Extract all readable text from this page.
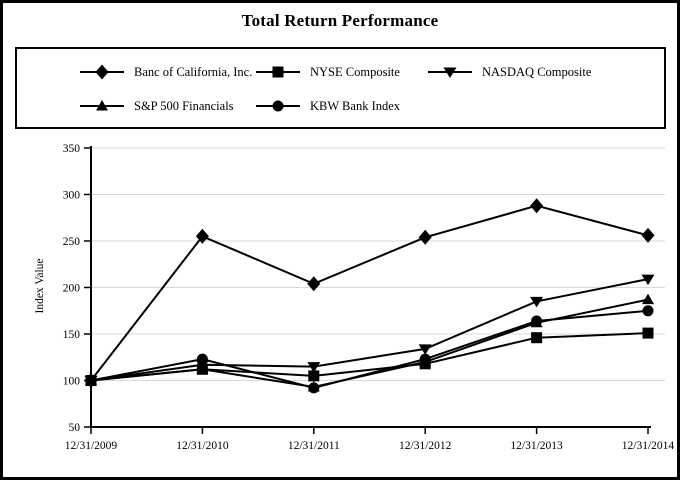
Total Return Performance
Banc of California, Inc.	NYSE Composite	NASDAQ Composite
S&P 500 Financials	KBW Bank Index
50
100
150
200
250
300
350
12/31/2009	12/31/2010	12/31/2011	12/31/2012	12/31/2013	12/31/2014
Index Value
